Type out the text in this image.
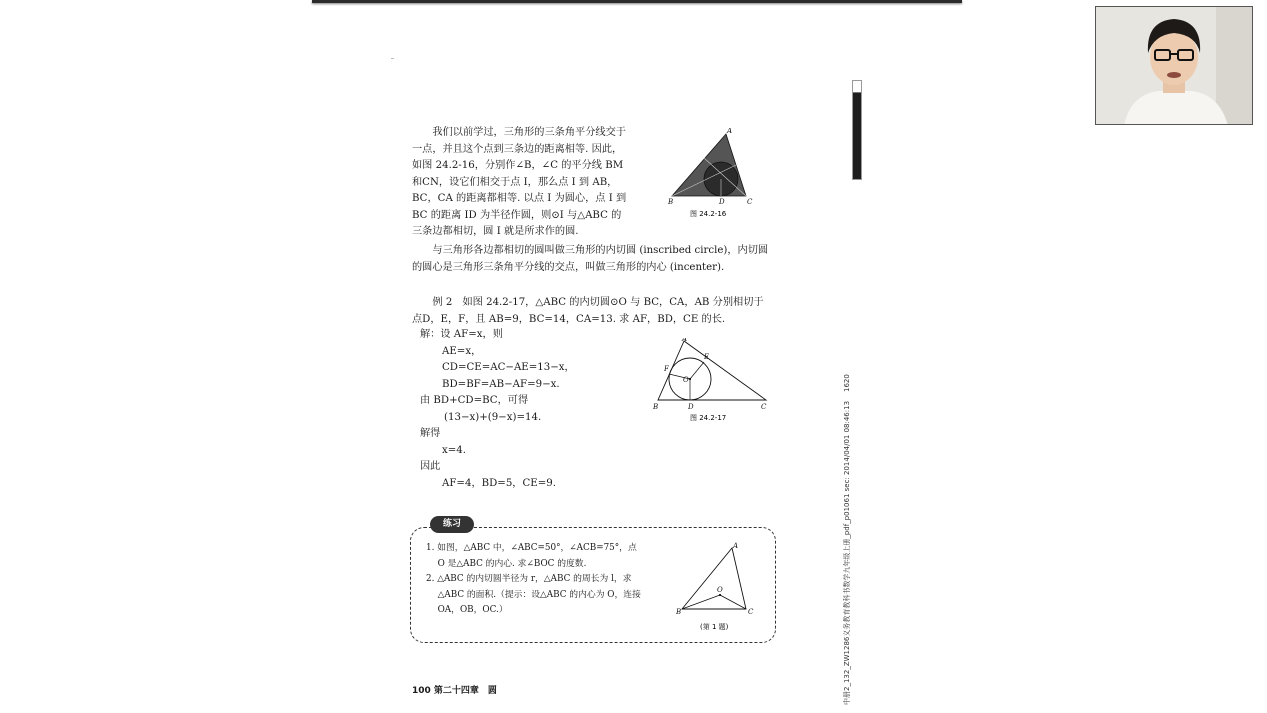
1620
中册2_132_ZW1286义务教育教科书数学九年级上册_pdf_p01061 sec: 2014/04/01 08:46:13
我们以前学过，三角形的三条角平分线交于
一点，并且这个点到三条边的距离相等. 因此，
如图 24.2-16，分别作∠B，∠C 的平分线 BM
和CN，设它们相交于点 I，那么点 I 到 AB，
BC，CA 的距离都相等. 以点 I 为圆心，点 I 到
BC 的距离 ID 为半径作圆，则⊙I 与△ABC 的
三条边都相切，圆 I 就是所求作的圆.
A
B	C
D
图 24.2-16
与三角形各边都相切的圆叫做三角形的内切圆 (inscribed circle)，内切圆
的圆心是三角形三条角平分线的交点，叫做三角形的内心 (incenter).
例 2　如图 24.2-17，△ABC 的内切圆⊙O 与 BC，CA，AB 分别相切于
点D，E，F，且 AB=9，BC=14，CA=13. 求 AF，BD，CE 的长.
解：设 AF=x，则
AE=x，
CD=CE=AC−AE=13−x，
BD=BF=AB−AF=9−x.
由 BD+CD=BC，可得
(13−x)+(9−x)=14.
解得
x=4.
因此
AF=4，BD=5，CE=9.
A
B	C
D
E
F
O
图 24.2-17
练习
1. 如图，△ABC 中，∠ABC=50°，∠ACB=75°，点
　 O 是△ABC 的内心. 求∠BOC 的度数.
2. △ABC 的内切圆半径为 r，△ABC 的周长为 l，求
　 △ABC 的面积.（提示：设△ABC 的内心为 O，连接
　 OA，OB，OC.）
A
B	C
O
(第 1 题)
100 第二十四章　圆
